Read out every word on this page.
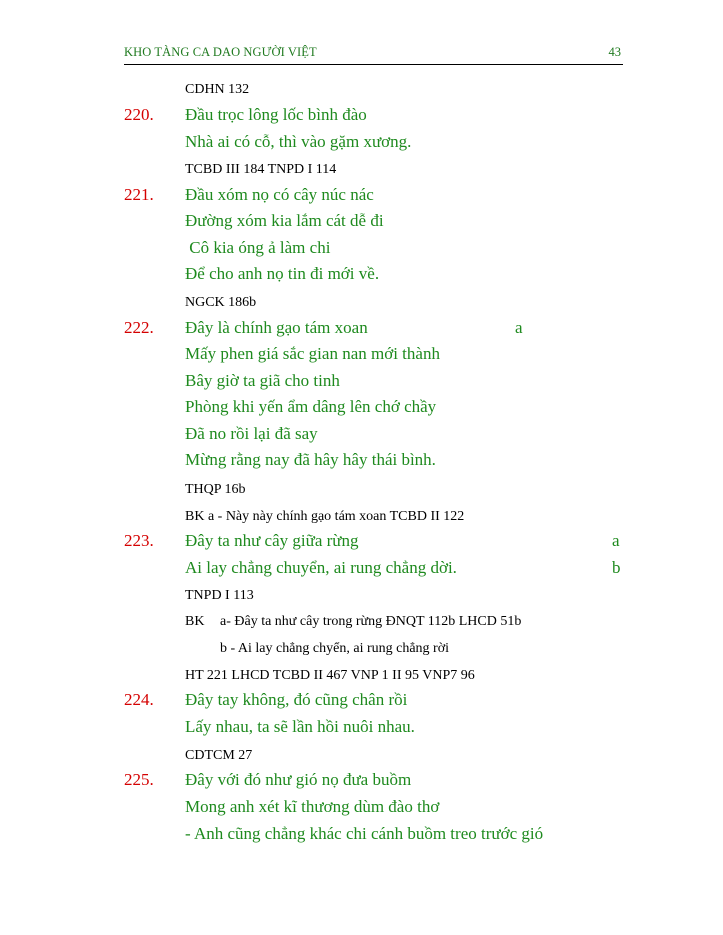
KHO TÀNG CA DAO NGƯỜI VIỆT	43
CDHN 132
220. Đầu trọc lông lốc bình đào
Nhà ai có cỗ, thì vào gặm xương.
TCBD III 184 TNPD I 114
221. Đầu xóm nọ có cây núc nác
Đường xóm kia lắm cát dễ đi
Cô kia óng ả làm chi
Để cho anh nọ tin đi mới về.
NGCK 186b
222. Đây là chính gạo tám xoan	a
Mấy phen giá sắc gian nan mới thành
Bây giờ ta giã cho tinh
Phòng khi yến ẩm dâng lên chớ chầy
Đã no rồi lại đã say
Mừng rằng nay đã hây hây thái bình.
THQP 16b
BK a - Này này chính gạo tám xoan TCBD II 122
223. Đây ta như cây giữa rừng	a
Ai lay chẳng chuyển, ai rung chẳng dời.	b
TNPD I 113
BK a- Đây ta như cây trong rừng ĐNQT 112b LHCD 51b
b - Ai lay chẳng chyển, ai rung chẳng rời
HT 221 LHCD TCBD II 467 VNP 1 II 95 VNP7 96
224. Đây tay không, đó cũng chân rồi
Lấy nhau, ta sẽ lần hồi nuôi nhau.
CDTCM 27
225. Đây với đó như gió nọ đưa buồm
Mong anh xét kĩ thương dùm đào thơ
- Anh cũng chẳng khác chi cánh buồm treo trước gió
